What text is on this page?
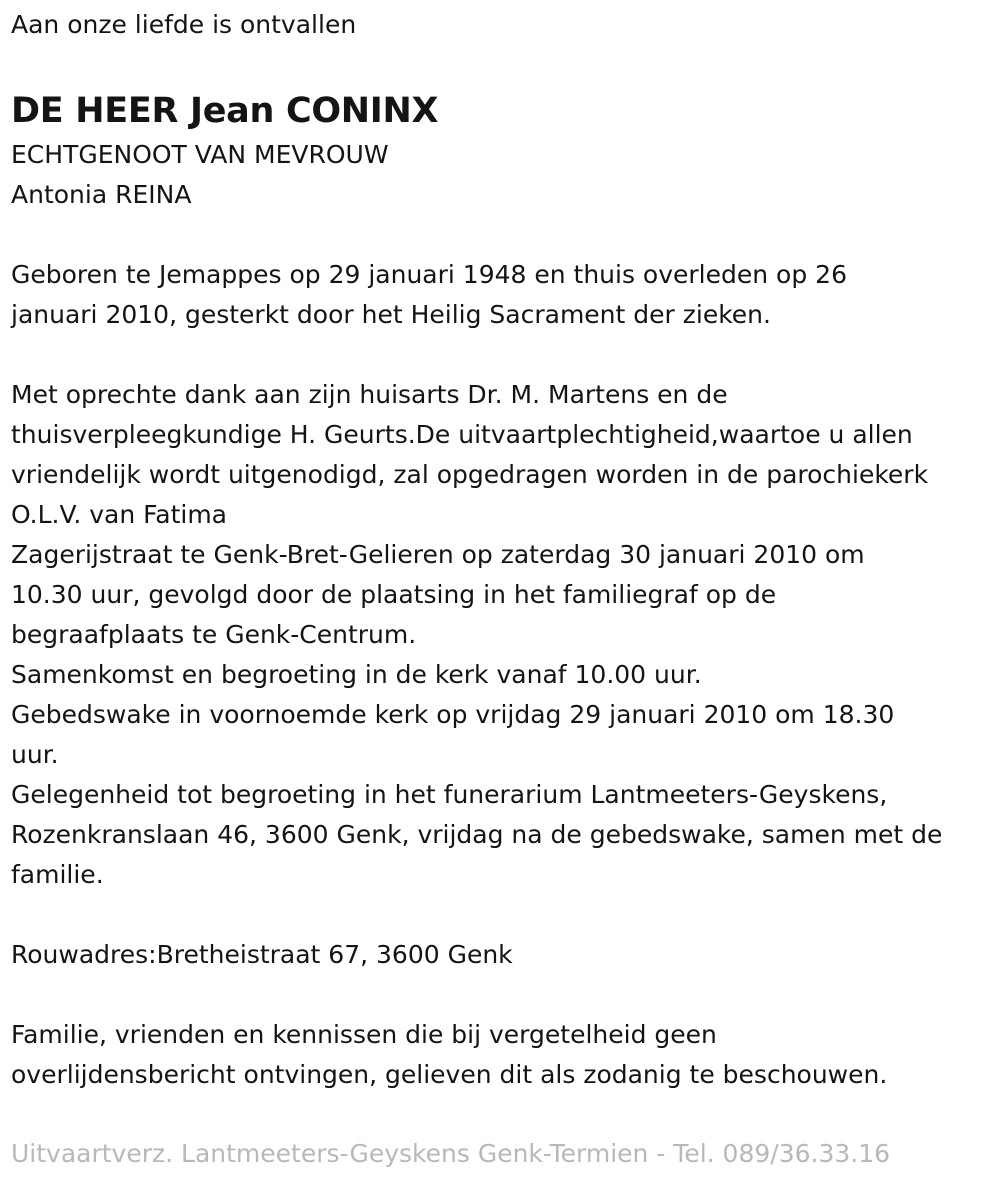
Aan onze liefde is ontvallen
DE HEER Jean CONINX
ECHTGENOOT VAN MEVROUW
Antonia REINA
Geboren te Jemappes op 29 januari 1948 en thuis overleden op 26
januari 2010, gesterkt door het Heilig Sacrament der zieken.
Met oprechte dank aan zijn huisarts Dr. M. Martens en de
thuisverpleegkundige H. Geurts.De uitvaartplechtigheid,waartoe u allen
vriendelijk wordt uitgenodigd, zal opgedragen worden in de parochiekerk
O.L.V. van Fatima
Zagerijstraat te Genk-Bret-Gelieren op zaterdag 30 januari 2010 om
10.30 uur, gevolgd door de plaatsing in het familiegraf op de
begraafplaats te Genk-Centrum.
Samenkomst en begroeting in de kerk vanaf 10.00 uur.
Gebedswake in voornoemde kerk op vrijdag 29 januari 2010 om 18.30
uur.
Gelegenheid tot begroeting in het funerarium Lantmeeters-Geyskens,
Rozenkranslaan 46, 3600 Genk, vrijdag na de gebedswake, samen met de
familie.
Rouwadres:Bretheistraat 67, 3600 Genk
Familie, vrienden en kennissen die bij vergetelheid geen
overlijdensbericht ontvingen, gelieven dit als zodanig te beschouwen.
Uitvaartverz. Lantmeeters-Geyskens Genk-Termien - Tel. 089/36.33.16
